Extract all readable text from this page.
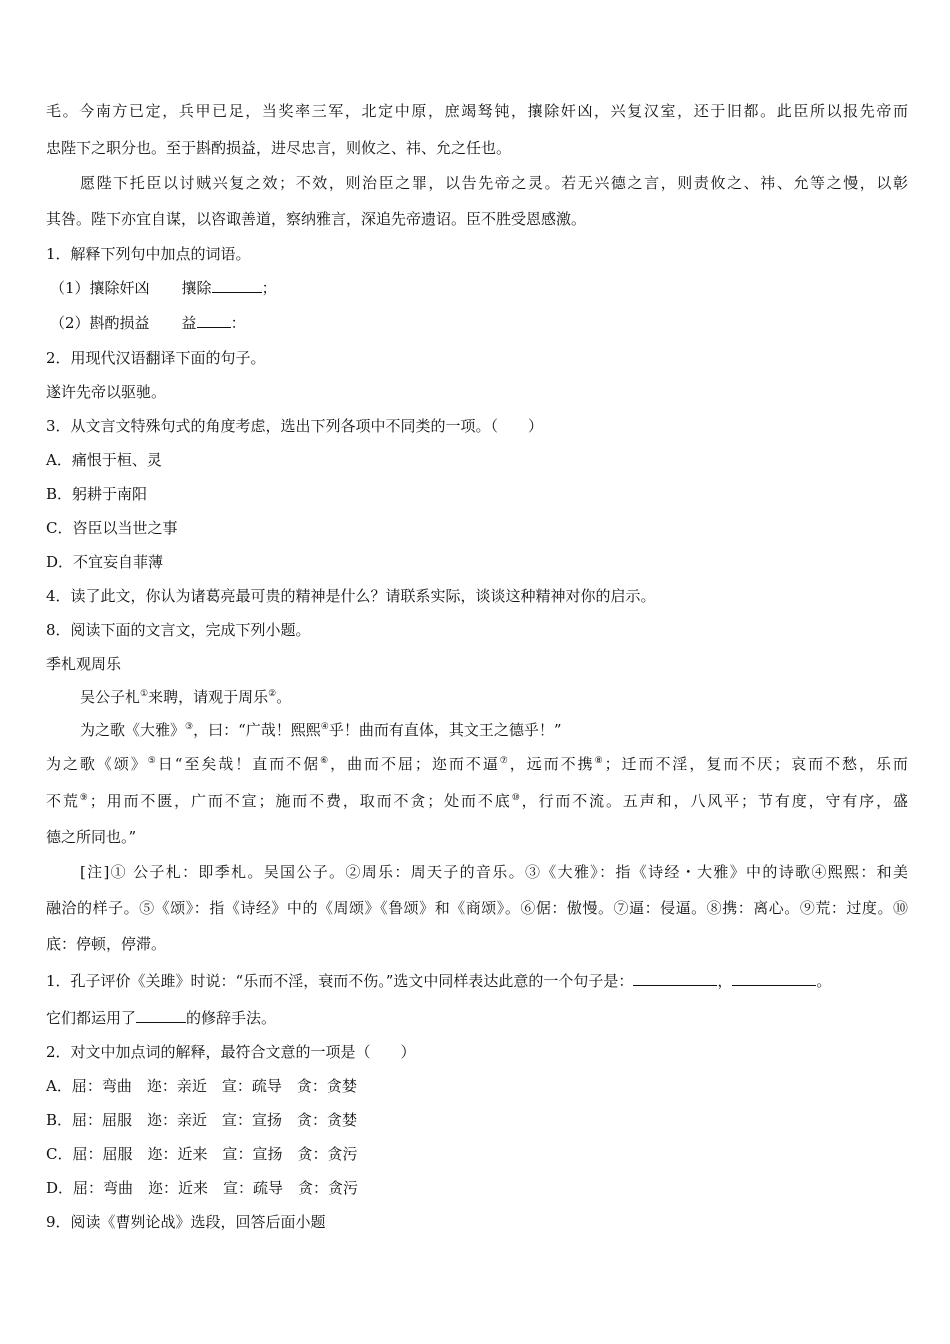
毛。今南方已定，兵甲已足，当奖率三军，北定中原，庶竭驽钝，攘除奸凶，兴复汉室，还于旧都。此臣所以报先帝而
忠陛下之职分也。至于斟酌损益，进尽忠言，则攸之、祎、允之任也。
愿陛下托臣以讨贼兴复之效；不效，则治臣之罪，以告先帝之灵。若无兴德之言，则责攸之、祎、允等之慢，以彰
其咎。陛下亦宜自谋，以咨诹善道，察纳雅言，深追先帝遗诏。臣不胜受恩感激。
1．解释下列句中加点的词语。
（1）攘除奸凶 攘除	；
（2）斟酌损益 益 ：
2．用现代汉语翻译下面的句子。
遂许先帝以驱驰。
3．从文言文特殊句式的角度考虑，选出下列各项中不同类的一项。（　　）
A．痛恨于桓、灵
B．躬耕于南阳
C．咨臣以当世之事
D．不宜妄自菲薄
4．读了此文，你认为诸葛亮最可贵的精神是什么？请联系实际，谈谈这种精神对你的启示。
8．阅读下面的文言文，完成下列小题。
季札观周乐
吴公子札①来聘，请观于周乐②。
为之歌《大雅》③，曰：“广哉！熙熙④乎！曲而有直体，其文王之德乎！”
为之歌《颂》⑤日“至矣哉！直而不倨⑥，曲而不屈；迩而不逼⑦，远而不携⑧；迁而不淫，复而不厌；哀而不愁，乐而
不荒⑨；用而不匮，广而不宣；施而不费，取而不贪；处而不底⑩，行而不流。五声和，八风平；节有度，守有序，盛
德之所同也。”
[注]① 公子札：即季札。吴国公子。②周乐：周天子的音乐。③《大雅》：指《诗经・大雅》中的诗歌④熙熙：和美
融洽的样子。⑤《颂》：指《诗经》中的《周颂》《鲁颂》和《商颂》。⑥倨：傲慢。⑦逼：侵逼。⑧携：离心。⑨荒：过度。⑩
底：停顿，停滞。
1．孔子评价《关雎》时说：“乐而不淫，衰而不伤。”选文中同样表达此意的一个句子是：	，	。
它们都运用了	的修辞手法。
2．对文中加点词的解释，最符合文意的一项是（　　）
A．屈：弯曲　迩：亲近　宣：疏导　贪：贪婪
B．屈：屈服　迩：亲近　宣：宣扬　贪：贪婪
C．屈：屈服　迩：近来　宣：宣扬　贪：贪污
D．屈：弯曲　迩：近来　宣：疏导　贪：贪污
9．阅读《曹刿论战》选段，回答后面小题
